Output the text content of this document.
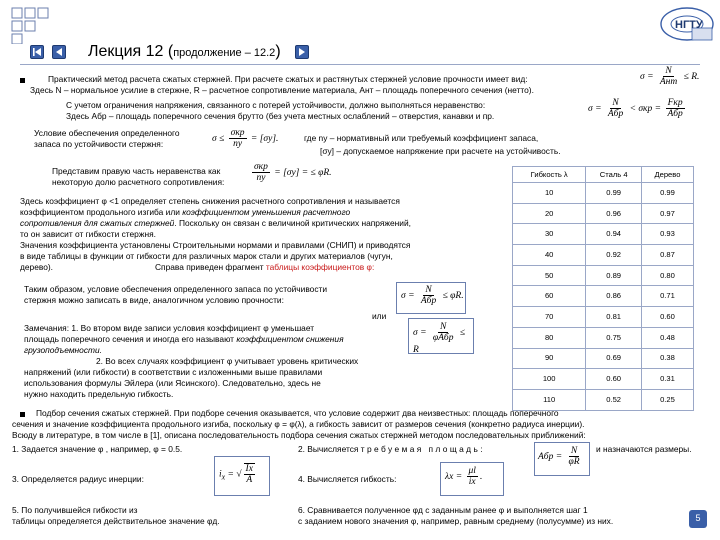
НГТУ
Лекция 12 (продолжение – 12.2)
Практический метод расчета сжатых стержней. При расчете сжатых и растянутых стержней условие прочности имеет вид:
Здесь N – нормальное усилие в стержне, R – расчетное сопротивление материала, Aнт – площадь поперечного сечения (нетто).
С учетом ограничения напряжения, связанного с потерей устойчивости, должно выполняться неравенство:
Здесь Aбр – площадь поперечного сечения брутто (без учета местных ослаблений – отверстия, канавки и пр.
$\sigma = \frac{N}{\text{Aнт}} \le R$.
$\sigma = \frac{N}{\text{Aбр}} < \sigma кр = \frac{\text{Fкр}}{\text{Aбр}}$
Условие обеспечения определенного
запаса по устойчивости стержня:	$\sigma \le \frac{\text{σкр}}{nу} = [\sigma у]$.	где nу – нормативный или требуемый коэффициент запаса,
[σу] – допускаемое напряжение при расчете на устойчивость.
Представим правую часть неравенства как
некоторую долю расчетного сопротивления:	$\frac{\text{σкр}}{nу} = [\sigma у]$ = ≤ φR.
Здесь коэффициент φ <1 определяет степень снижения расчетного сопротивления и называется
коэффициентом продольного изгиба или коэффициентом уменьшения расчетного
сопротивления для сжатых стержней. Поскольку он связан с величиной критических напряжений,
то он зависит от гибкости стержня.
Значения коэффициента установлены Строительными нормами и правилами (СНИП) и приводятся
в виде таблицы в функции от гибкости для различных марок стали и других материалов (чугун,
дерево).	Справа приведен фрагмент таблицы коэффициентов φ:
Таким образом, условие обеспечения определенного запаса по устойчивости
стержня можно записать в виде, аналогичном условию прочности:	$\sigma = \frac{N}{\text{Aбр}} \le \varphi R$.
или
Замечания: 1. Во втором виде записи условия коэффициент φ уменьшает
площадь поперечного сечения и иногда его называют коэффициентом снижения
грузоподъемности.
2. Во всех случаях коэффициент φ учитывает уровень критических
напряжений (или гибкости) в соответствии с изложенными выше правилами
использования формулы Эйлера (или Ясинского). Следовательно, здесь не
нужно находить предельную гибкость.
$\sigma = \frac{N}{\text{φAбр}} \le R$
Гибкость λ	Сталь 4	Дерево
10	0.99	0.99
20	0.96	0.97
30	0.94	0.93
40	0.92	0.87
50	0.89	0.80
60	0.86	0.71
70	0.81	0.60
80	0.75	0.48
90	0.69	0.38
100	0.60	0.31
110	0.52	0.25
Подбор сечения сжатых стержней. При подборе сечения оказывается, что условие содержит два неизвестных: площадь поперечного
сечения и значение коэффициента продольного изгиба, поскольку φ = φ(λ), а гибкость зависит от размеров сечения (конкретно радиуса инерции).
Всюду в литературе, в том числе в [1], описана последовательность подбора сечения сжатых стержней методом последовательных приближений:
1. Задается значение φ , например, φ = 0.5.	2. Вычисляется требуемая площадь:
Aбр = $\frac{N}{\varphi R}$ и назначаются размеры.
3. Определяется радиус инерции:	$i_x$ = √ $\frac{Ix}{A}$	4. Вычисляется гибкость:	$\lambda x = \frac{\mu l}{ix}$ .
5. По получившейся гибкости из
таблицы определяется действительное значение φд.
6. Сравнивается полученное φд с заданным ранее φ и выполняется шаг 1
с заданием нового значения φ, например, равным среднему (полусумме) из них.	5
